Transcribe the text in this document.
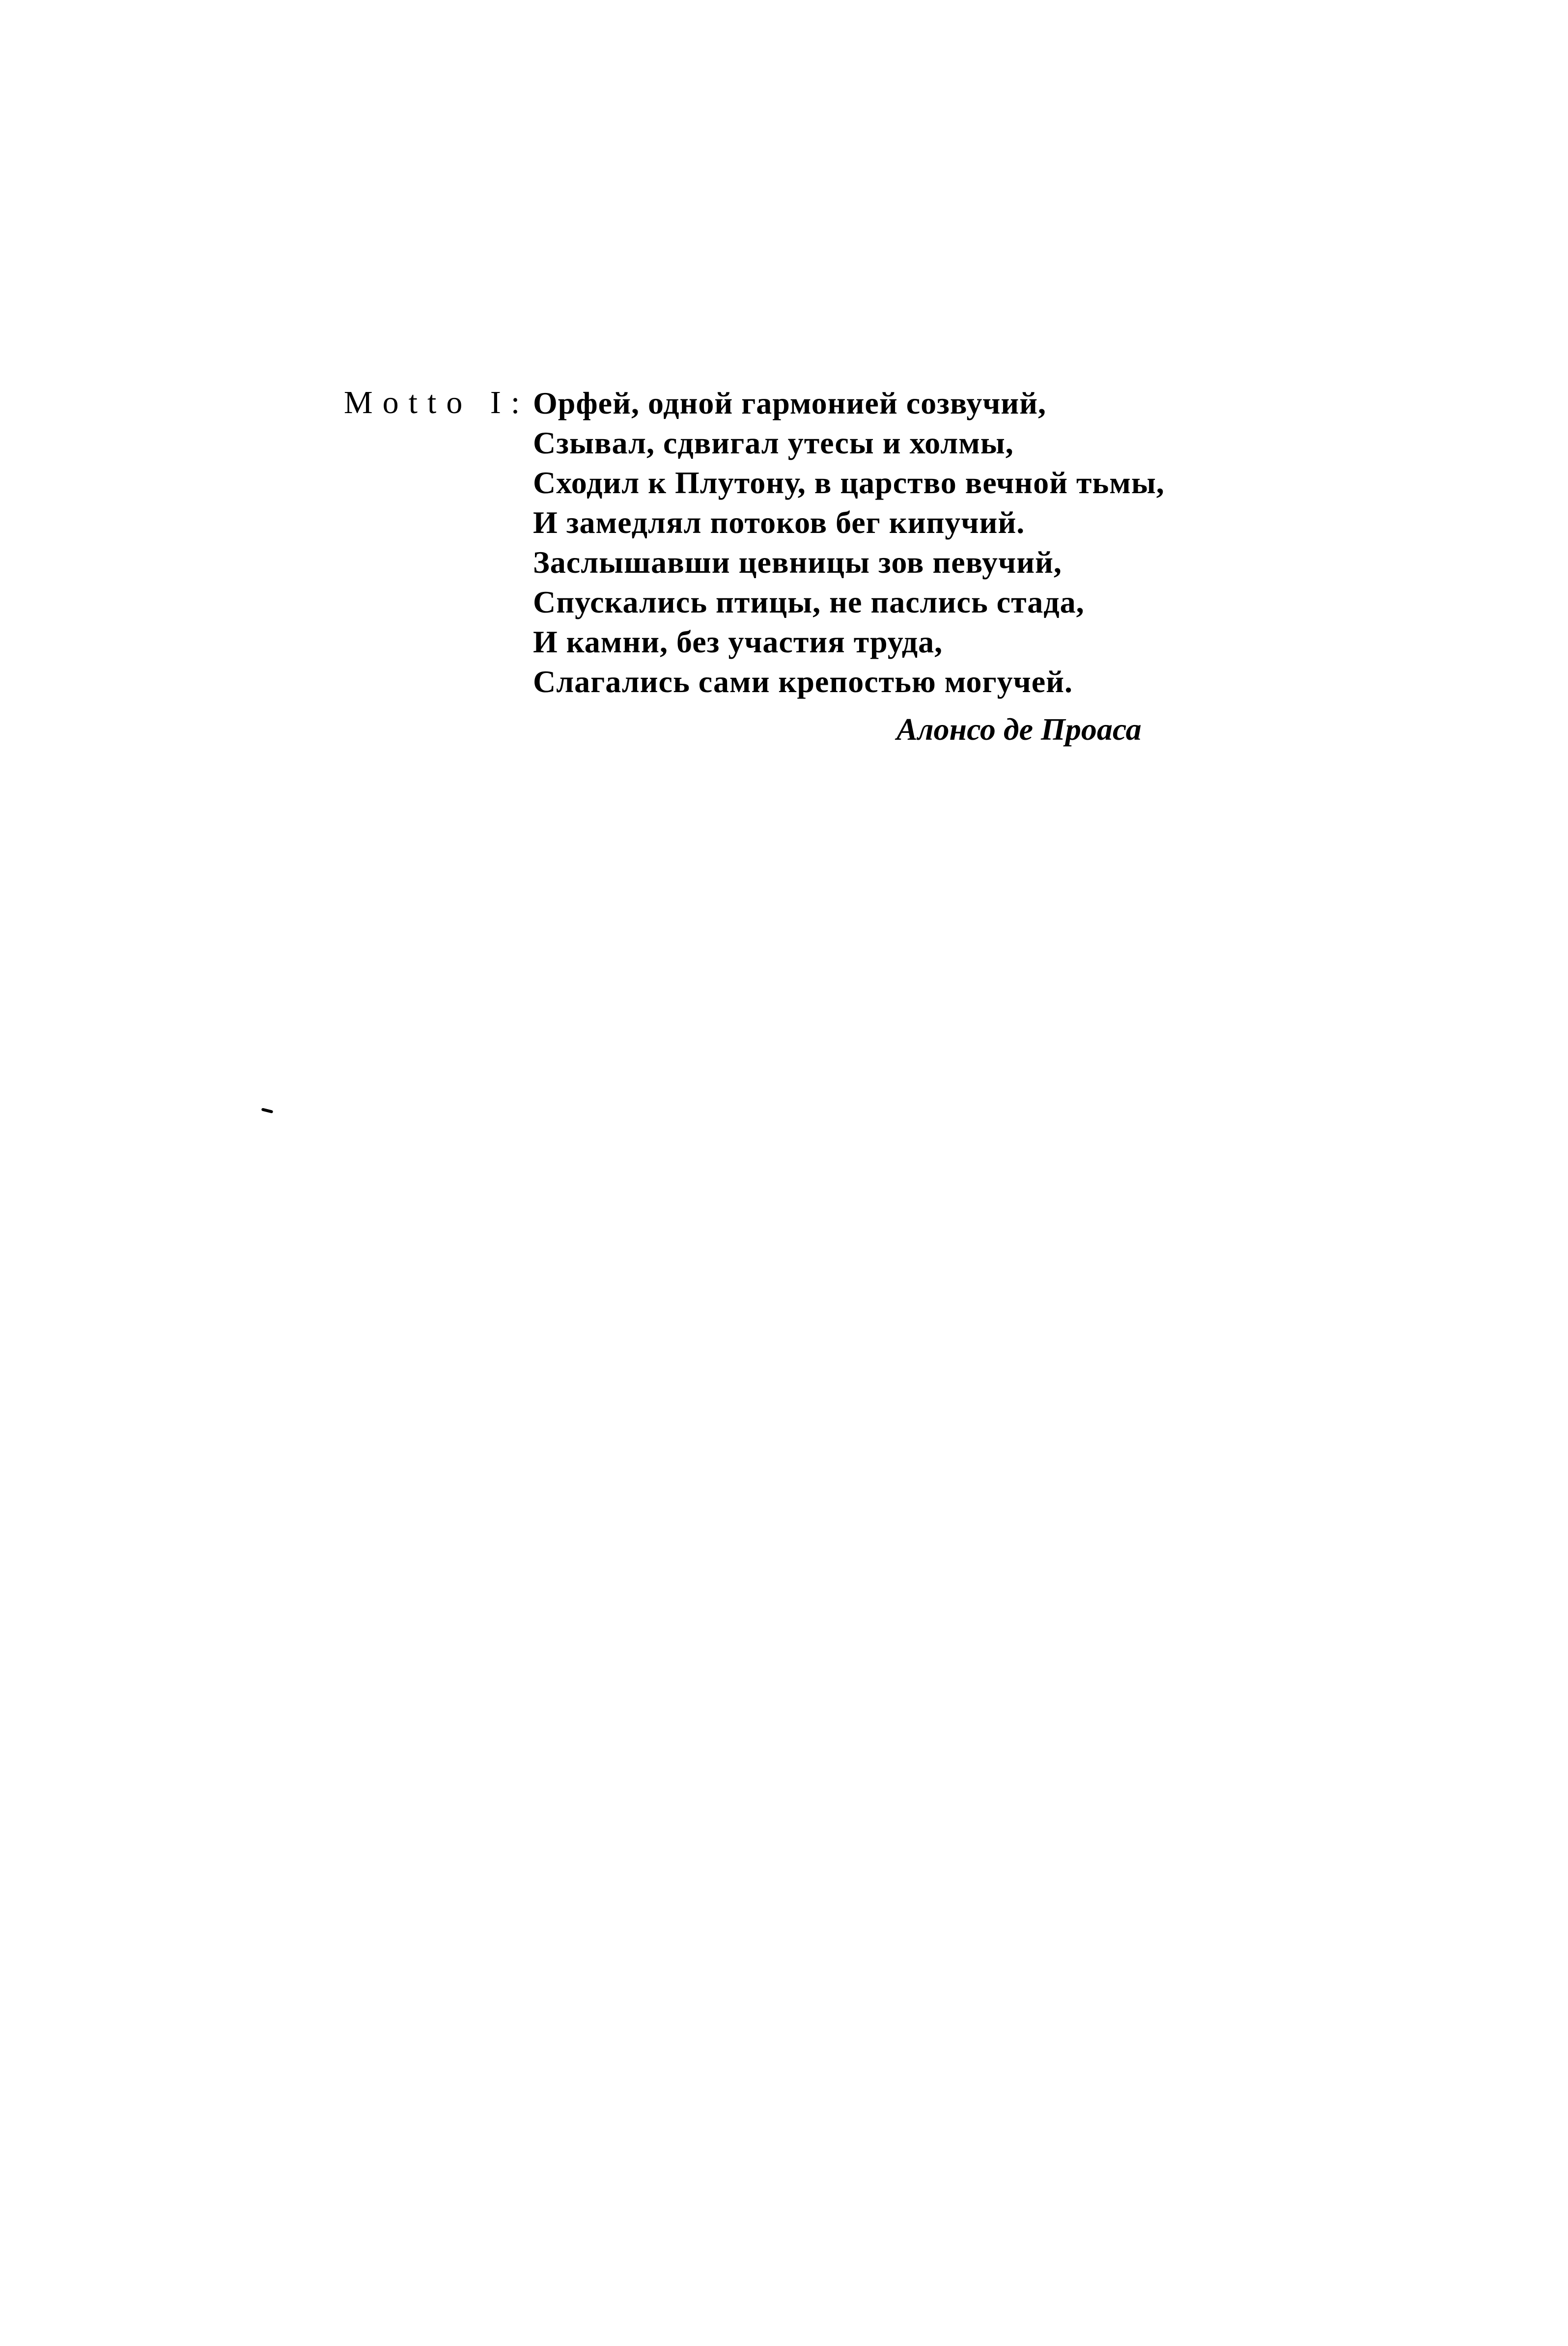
Motto I: Орфей, одной гармонией созвучий,
Сзывал, сдвигал утесы и холмы,
Сходил к Плутону, в царство вечной тьмы,
И замедлял потоков бег кипучий.
Заслышавши цевницы зов певучий,
Спускались птицы, не паслись стада,
И камни, без участия труда,
Слагались сами крепостью могучей.
Алонсо де Проаса
